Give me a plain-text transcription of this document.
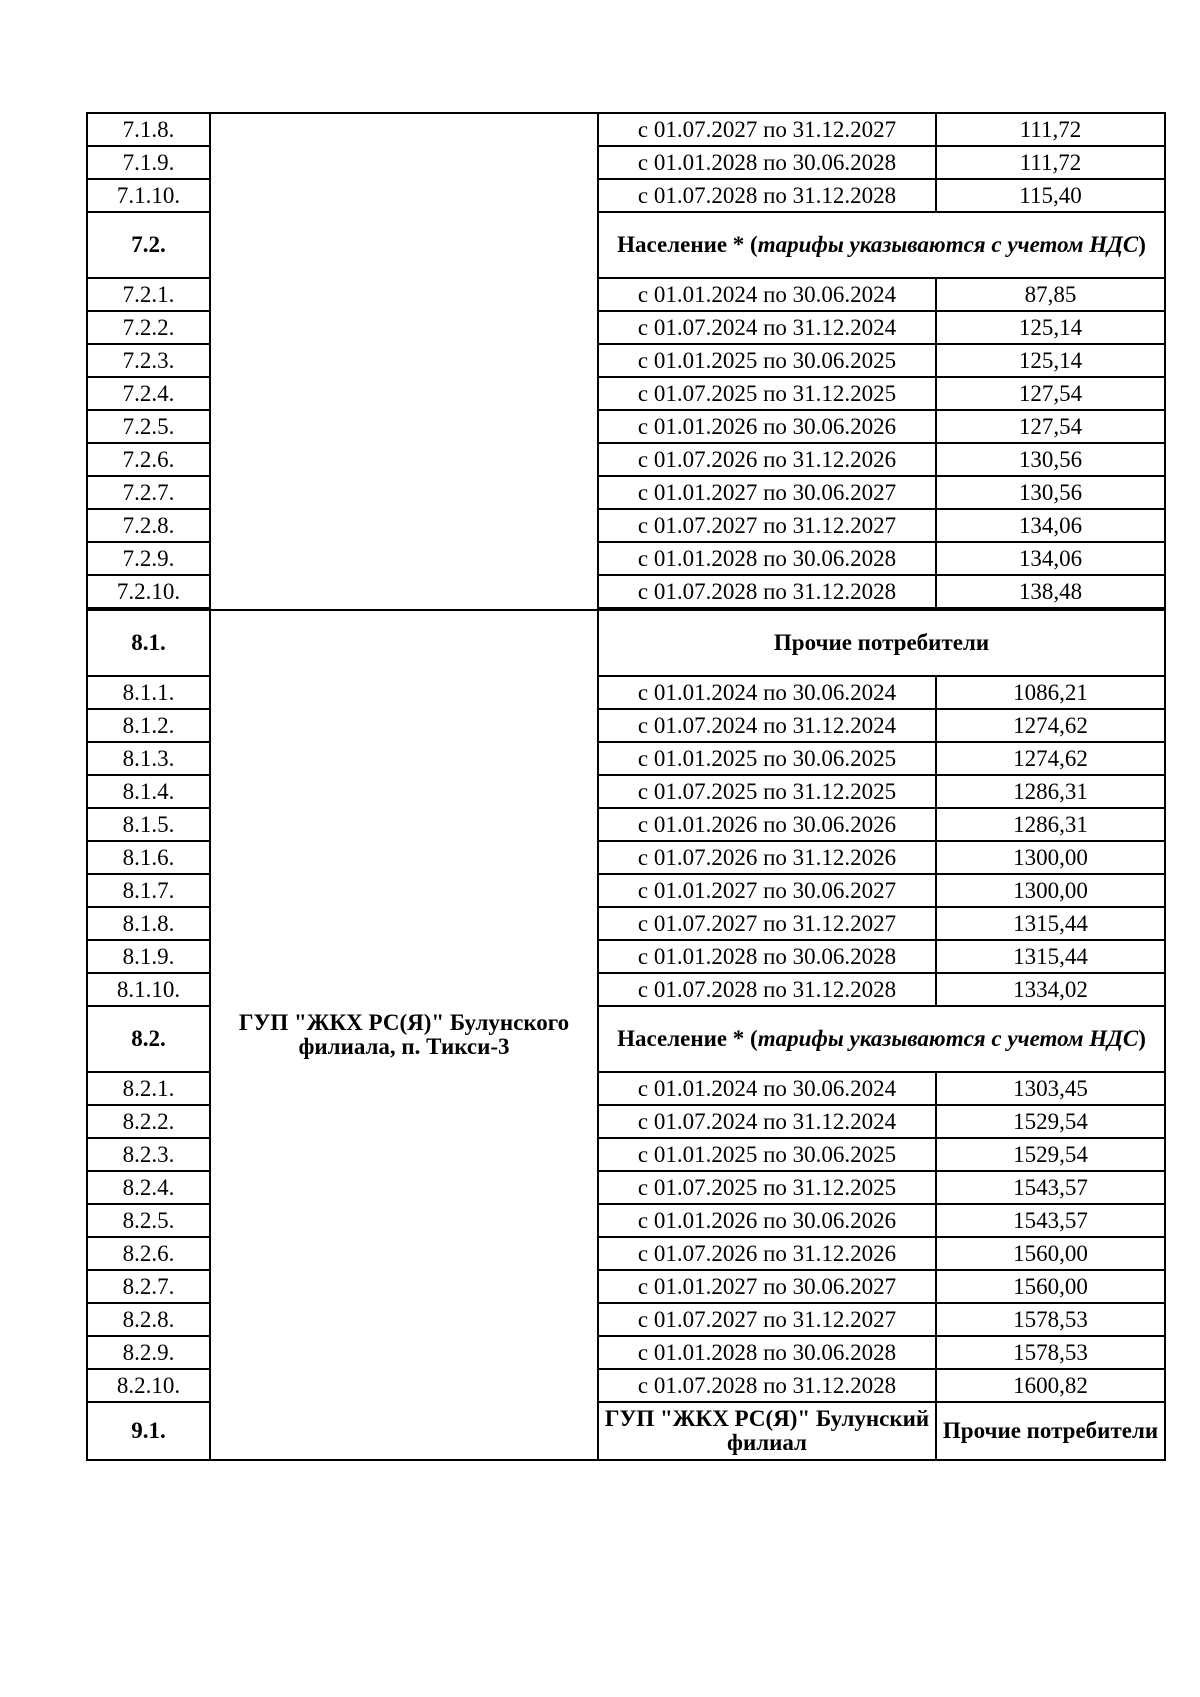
7.1.8.		с 01.07.2027 по 31.12.2027	111,72
7.1.9.		с 01.01.2028 по 30.06.2028	111,72
7.1.10.		с 01.07.2028 по 31.12.2028	115,40
7.2.		Население * (тарифы указываются с учетом НДС)	
7.2.1.		с 01.01.2024 по 30.06.2024	87,85
7.2.2.		с 01.07.2024 по 31.12.2024	125,14
7.2.3.		с 01.01.2025 по 30.06.2025	125,14
7.2.4.		с 01.07.2025 по 31.12.2025	127,54
7.2.5.		с 01.01.2026 по 30.06.2026	127,54
7.2.6.		с 01.07.2026 по 31.12.2026	130,56
7.2.7.		с 01.01.2027 по 30.06.2027	130,56
7.2.8.		с 01.07.2027 по 31.12.2027	134,06
7.2.9.		с 01.01.2028 по 30.06.2028	134,06
7.2.10.		с 01.07.2028 по 31.12.2028	138,48

8.1.	ГУП "ЖКХ РС(Я)" Булунского филиала, п. Тикси-3	Прочие потребители	
8.1.1.		с 01.01.2024 по 30.06.2024	1086,21
8.1.2.		с 01.07.2024 по 31.12.2024	1274,62
8.1.3.		с 01.01.2025 по 30.06.2025	1274,62
8.1.4.		с 01.07.2025 по 31.12.2025	1286,31
8.1.5.		с 01.01.2026 по 30.06.2026	1286,31
8.1.6.		с 01.07.2026 по 31.12.2026	1300,00
8.1.7.		с 01.01.2027 по 30.06.2027	1300,00
8.1.8.		с 01.07.2027 по 31.12.2027	1315,44
8.1.9.		с 01.01.2028 по 30.06.2028	1315,44
8.1.10.		с 01.07.2028 по 31.12.2028	1334,02
8.2.		Население * (тарифы указываются с учетом НДС)	
8.2.1.		с 01.01.2024 по 30.06.2024	1303,45
8.2.2.		с 01.07.2024 по 31.12.2024	1529,54
8.2.3.		с 01.01.2025 по 30.06.2025	1529,54
8.2.4.		с 01.07.2025 по 31.12.2025	1543,57
8.2.5.		с 01.01.2026 по 30.06.2026	1543,57
8.2.6.		с 01.07.2026 по 31.12.2026	1560,00
8.2.7.		с 01.01.2027 по 30.06.2027	1560,00
8.2.8.		с 01.07.2027 по 31.12.2027	1578,53
8.2.9.		с 01.01.2028 по 30.06.2028	1578,53
8.2.10.		с 01.07.2028 по 31.12.2028	1600,82
9.1.		ГУП "ЖКХ РС(Я)" Булунский филиал	Прочие потребители
